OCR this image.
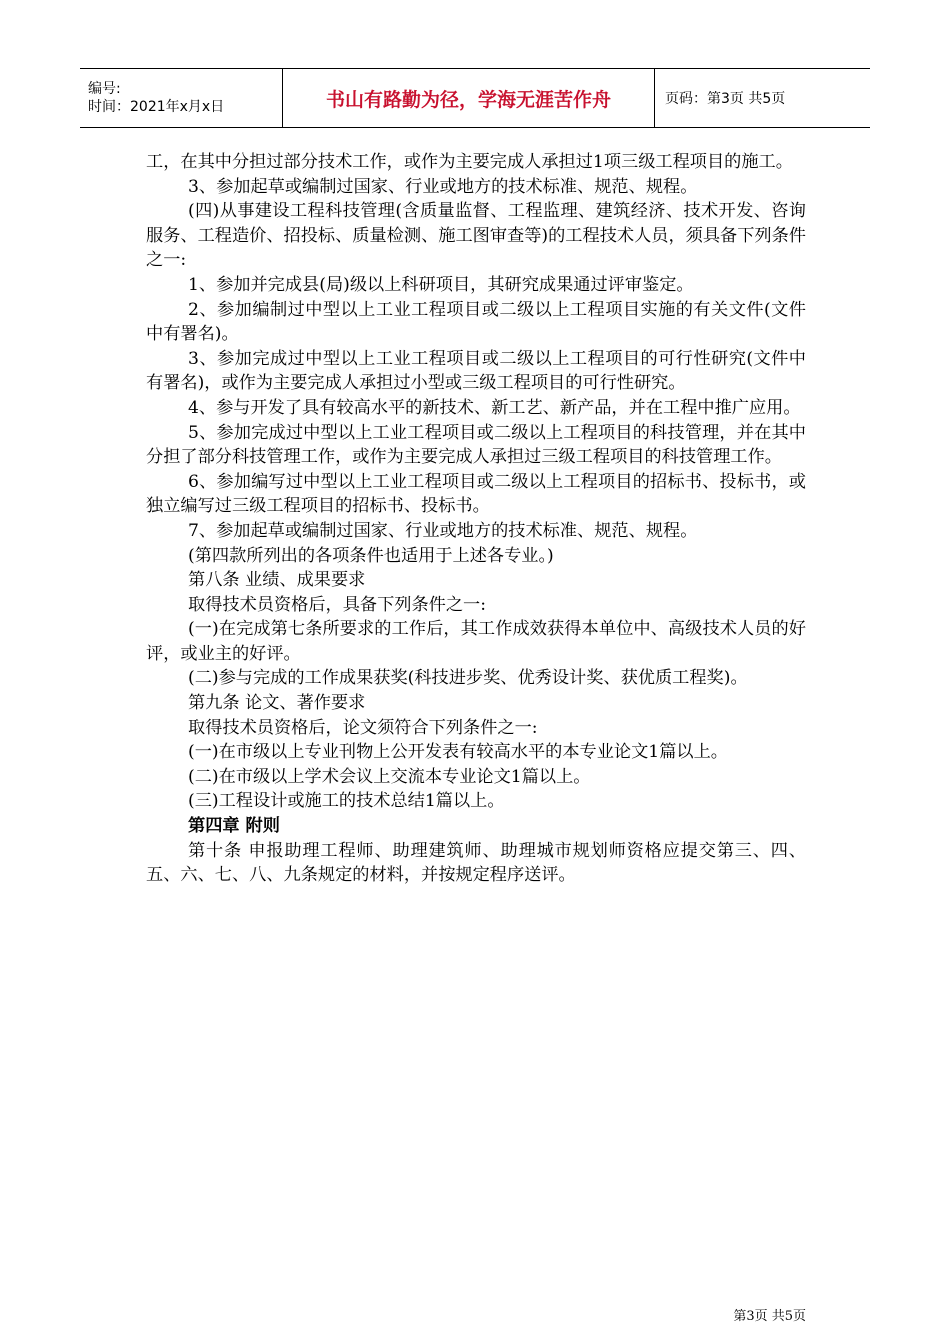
编号:
时间：2021年x月x日	书山有路勤为径，学海无涯苦作舟	页码：第3页 共5页

工，在其中分担过部分技术工作，或作为主要完成人承担过1项三级工程项目的施工。

3、参加起草或编制过国家、行业或地方的技术标准、规范、规程。

(四)从事建设工程科技管理(含质量监督、工程监理、建筑经济、技术开发、咨询服务、工程造价、招投标、质量检测、施工图审查等)的工程技术人员，须具备下列条件之一:

1、参加并完成县(局)级以上科研项目，其研究成果通过评审鉴定。

2、参加编制过中型以上工业工程项目或二级以上工程项目实施的有关文件(文件中有署名)。

3、参加完成过中型以上工业工程项目或二级以上工程项目的可行性研究(文件中有署名)，或作为主要完成人承担过小型或三级工程项目的可行性研究。

4、参与开发了具有较高水平的新技术、新工艺、新产品，并在工程中推广应用。

5、参加完成过中型以上工业工程项目或二级以上工程项目的科技管理，并在其中分担了部分科技管理工作，或作为主要完成人承担过三级工程项目的科技管理工作。

6、参加编写过中型以上工业工程项目或二级以上工程项目的招标书、投标书，或独立编写过三级工程项目的招标书、投标书。

7、参加起草或编制过国家、行业或地方的技术标准、规范、规程。

(第四款所列出的各项条件也适用于上述各专业。)

第八条 业绩、成果要求

取得技术员资格后，具备下列条件之一:

(一)在完成第七条所要求的工作后，其工作成效获得本单位中、高级技术人员的好评，或业主的好评。

(二)参与完成的工作成果获奖(科技进步奖、优秀设计奖、获优质工程奖)。

第九条 论文、著作要求

取得技术员资格后，论文须符合下列条件之一:

(一)在市级以上专业刊物上公开发表有较高水平的本专业论文1篇以上。

(二)在市级以上学术会议上交流本专业论文1篇以上。

(三)工程设计或施工的技术总结1篇以上。

第四章 附则

第十条 申报助理工程师、助理建筑师、助理城市规划师资格应提交第三、四、五、六、七、八、九条规定的材料，并按规定程序送评。

第3页 共5页
